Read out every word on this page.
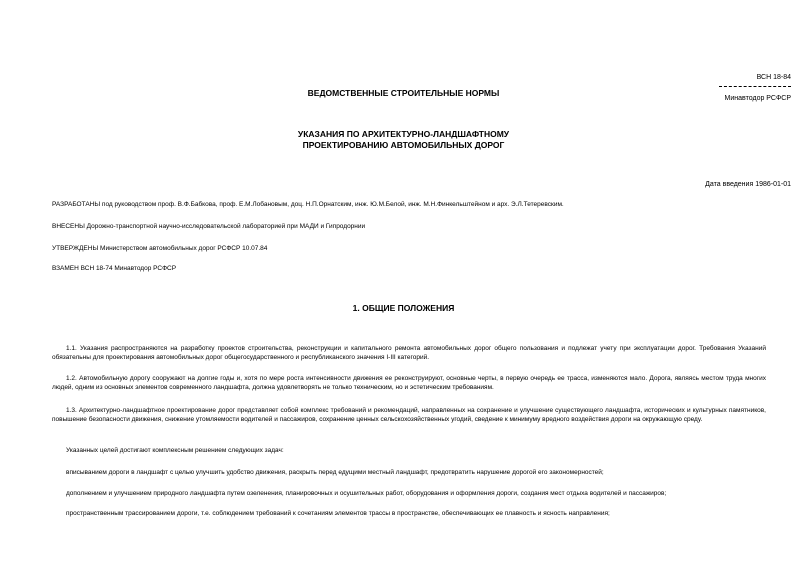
ВСН 18-84
Минавтодор РСФСР
ВЕДОМСТВЕННЫЕ СТРОИТЕЛЬНЫЕ НОРМЫ
УКАЗАНИЯ ПО АРХИТЕКТУРНО-ЛАНДШАФТНОМУ
ПРОЕКТИРОВАНИЮ АВТОМОБИЛЬНЫХ ДОРОГ
Дата введения 1986-01-01
РАЗРАБОТАНЫ под руководством проф. В.Ф.Бабкова, проф. Е.М.Лобановым, доц. Н.П.Орнатским, инж. Ю.М.Белой, инж. М.Н.Финкельштейном и арх. Э.Л.Тетеревским.
ВНЕСЕНЫ Дорожно-транспортной научно-исследовательской лабораторией при МАДИ и Гипродорнии
УТВЕРЖДЕНЫ Министерством автомобильных дорог РСФСР 10.07.84
ВЗАМЕН ВСН 18-74 Минавтодор РСФСР
1. ОБЩИЕ ПОЛОЖЕНИЯ
1.1. Указания распространяются на разработку проектов строительства, реконструкции и капитального ремонта автомобильных дорог общего пользования и подлежат учету при эксплуатации дорог. Требования Указаний обязательны для проектирования автомобильных дорог общегосударственного и республиканского значения I-III категорий.
1.2. Автомобильную дорогу сооружают на долгие годы и, хотя по мере роста интенсивности движения ее реконструируют, основные черты, в первую очередь ее трасса, изменяются мало. Дорога, являясь местом труда многих людей, одним из основных элементов современного ландшафта, должна удовлетворять не только техническим, но и эстетическим требованиям.
1.3. Архитектурно-ландшафтное проектирование дорог представляет собой комплекс требований и рекомендаций, направленных на сохранение и улучшение существующего ландшафта, исторических и культурных памятников, повышение безопасности движения, снижение утомляемости водителей и пассажиров, сохранение ценных сельскохозяйственных угодий, сведение к минимуму вредного воздействия дороги на окружающую среду.
Указанных целей достигают комплексным решением следующих задач:
вписыванием дороги в ландшафт с целью улучшить удобство движения, раскрыть перед едущими местный ландшафт, предотвратить нарушение дорогой его закономерностей;
дополнением и улучшением природного ландшафта путем озеленения, планировочных и осушительных работ, оборудования и оформления дороги, создания мест отдыха водителей и пассажиров;
пространственным трассированием дороги, т.е. соблюдением требований к сочетаниям элементов трассы в пространстве, обеспечивающих ее плавность и ясность направления;
